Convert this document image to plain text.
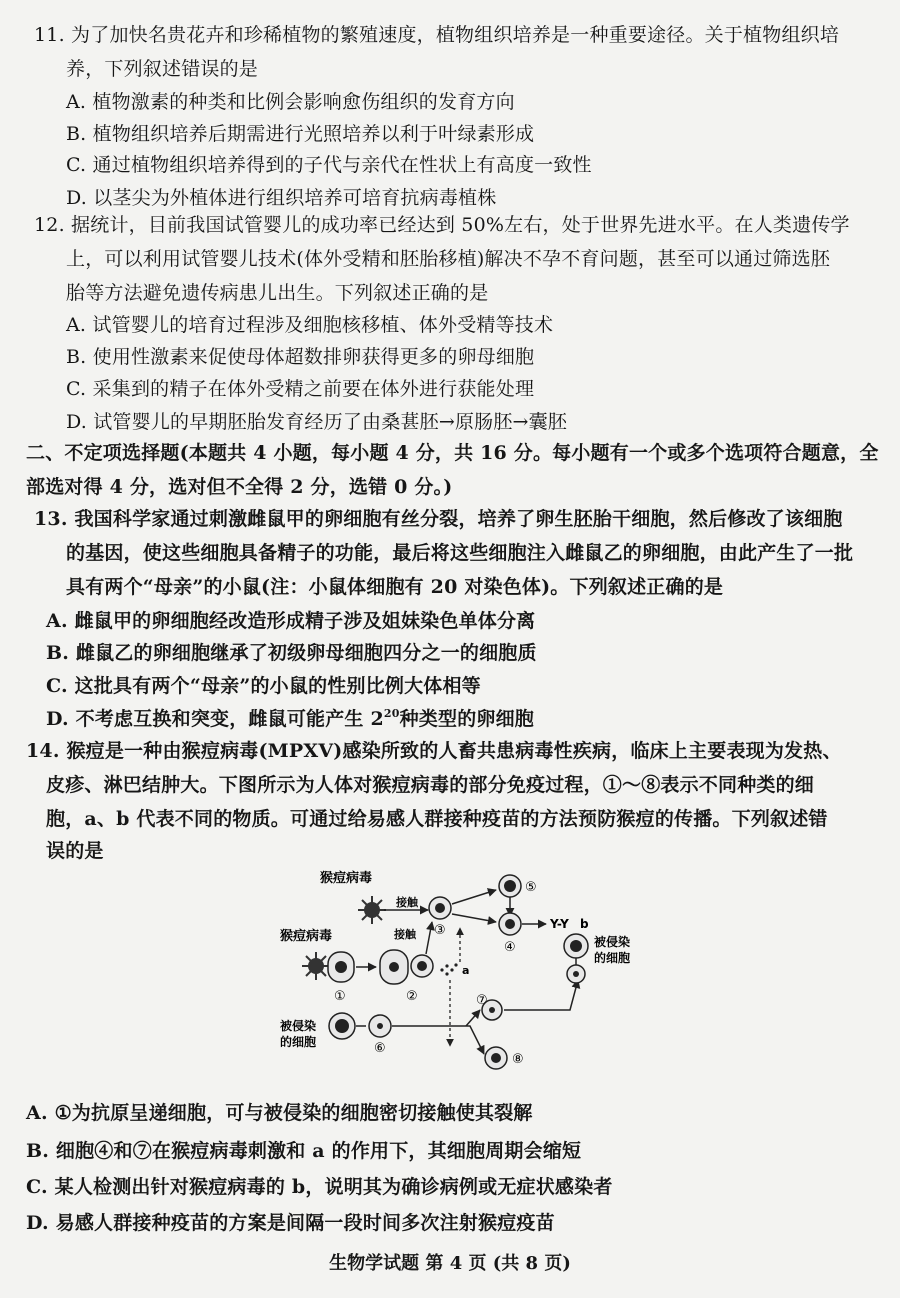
11. 为了加快名贵花卉和珍稀植物的繁殖速度，植物组织培养是一种重要途径。关于植物组织培
养，下列叙述错误的是
A. 植物激素的种类和比例会影响愈伤组织的发育方向
B. 植物组织培养后期需进行光照培养以利于叶绿素形成
C. 通过植物组织培养得到的子代与亲代在性状上有高度一致性
D. 以茎尖为外植体进行组织培养可培育抗病毒植株
12. 据统计，目前我国试管婴儿的成功率已经达到 50%左右，处于世界先进水平。在人类遗传学
上，可以利用试管婴儿技术(体外受精和胚胎移植)解决不孕不育问题，甚至可以通过筛选胚
胎等方法避免遗传病患儿出生。下列叙述正确的是
A. 试管婴儿的培育过程涉及细胞核移植、体外受精等技术
B. 使用性激素来促使母体超数排卵获得更多的卵母细胞
C. 采集到的精子在体外受精之前要在体外进行获能处理
D. 试管婴儿的早期胚胎发育经历了由桑葚胚→原肠胚→囊胚
二、不定项选择题(本题共 4 小题，每小题 4 分，共 16 分。每小题有一个或多个选项符合题意，全
部选对得 4 分，选对但不全得 2 分，选错 0 分。)
13. 我国科学家通过刺激雌鼠甲的卵细胞有丝分裂，培养了卵生胚胎干细胞，然后修改了该细胞
的基因，使这些细胞具备精子的功能，最后将这些细胞注入雌鼠乙的卵细胞，由此产生了一批
具有两个“母亲”的小鼠(注：小鼠体细胞有 20 对染色体)。下列叙述正确的是
A. 雌鼠甲的卵细胞经改造形成精子涉及姐妹染色单体分离
B. 雌鼠乙的卵细胞继承了初级卵母细胞四分之一的细胞质
C. 这批具有两个“母亲”的小鼠的性别比例大体相等
D. 不考虑互换和突变，雌鼠可能产生 $2^{20}$种类型的卵细胞
14. 猴痘是一种由猴痘病毒(MPXV)感染所致的人畜共患病毒性疾病，临床上主要表现为发热、
皮疹、淋巴结肿大。下图所示为人体对猴痘病毒的部分免疫过程，①～⑧表示不同种类的细
胞，a、b 代表不同的物质。可通过给易感人群接种疫苗的方法预防猴痘的传播。下列叙述错
误的是
猴痘病毒
接触
③
⑤
④
Y-Y b
猴痘病毒
①	②
接触
a
被侵染
的细胞	⑥
⑦
⑧
被侵染
的细胞
A. ①为抗原呈递细胞，可与被侵染的细胞密切接触使其裂解
B. 细胞④和⑦在猴痘病毒刺激和 a 的作用下，其细胞周期会缩短
C. 某人检测出针对猴痘病毒的 b，说明其为确诊病例或无症状感染者
D. 易感人群接种疫苗的方案是间隔一段时间多次注射猴痘疫苗
生物学试题 第 4 页 (共 8 页)
